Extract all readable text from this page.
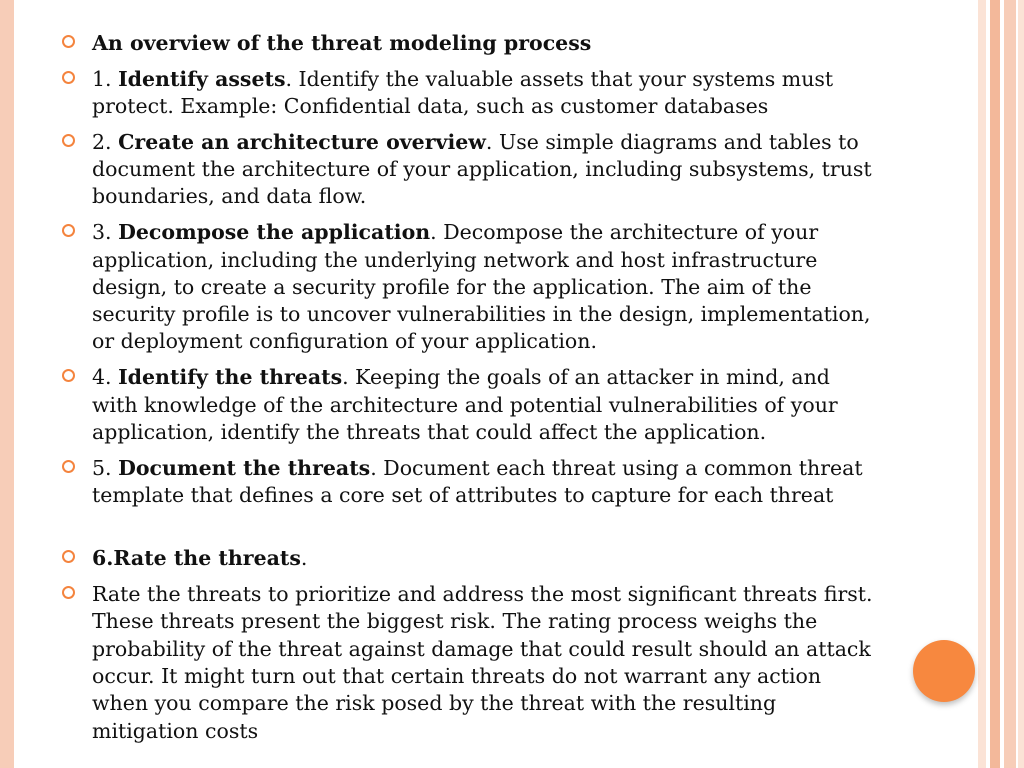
An overview of the threat modeling process
1. Identify assets. Identify the valuable assets that your systems must protect. Example: Confidential data, such as customer databases
2. Create an architecture overview. Use simple diagrams and tables to document the architecture of your application, including subsystems, trust boundaries, and data flow.
3. Decompose the application. Decompose the architecture of your application, including the underlying network and host infrastructure design, to create a security profile for the application. The aim of the security profile is to uncover vulnerabilities in the design, implementation, or deployment configuration of your application.
4. Identify the threats. Keeping the goals of an attacker in mind, and with knowledge of the architecture and potential vulnerabilities of your application, identify the threats that could affect the application.
5. Document the threats. Document each threat using a common threat template that defines a core set of attributes to capture for each threat
6.Rate the threats.
Rate the threats to prioritize and address the most significant threats first. These threats present the biggest risk. The rating process weighs the probability of the threat against damage that could result should an attack occur. It might turn out that certain threats do not warrant any action when you compare the risk posed by the threat with the resulting mitigation costs
